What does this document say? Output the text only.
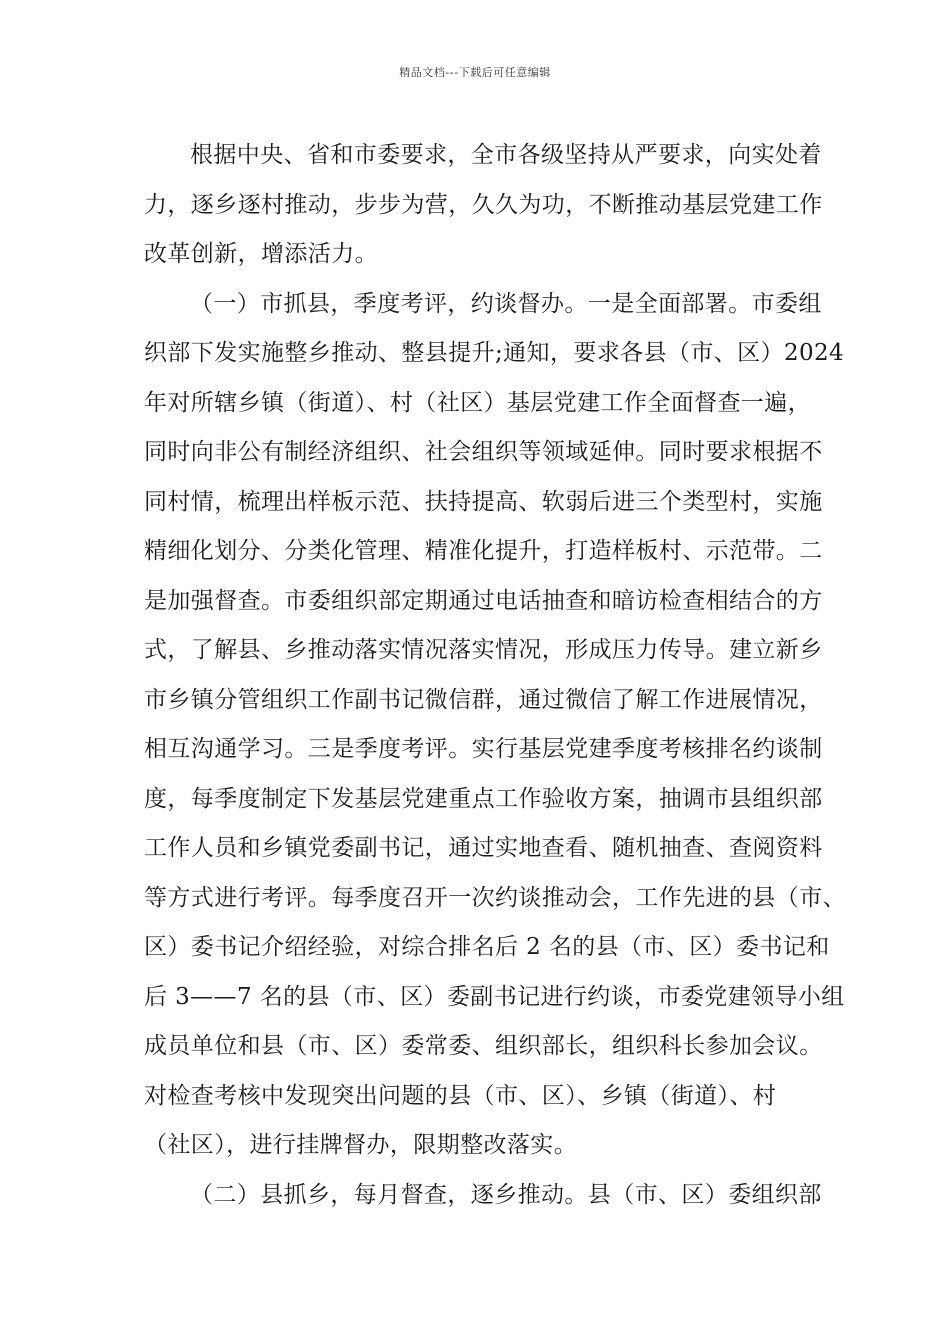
精品文档---下载后可任意编辑
根据中央、省和市委要求，全市各级坚持从严要求，向实处着
力，逐乡逐村推动，步步为营，久久为功，不断推动基层党建工作
改革创新，增添活力。
（一）市抓县，季度考评，约谈督办。一是全面部署。市委组
织部下发实施整乡推动、整县提升;通知，要求各县（市、区）2024
年对所辖乡镇（街道）、村（社区）基层党建工作全面督查一遍，
同时向非公有制经济组织、社会组织等领域延伸。同时要求根据不
同村情，梳理出样板示范、扶持提高、软弱后进三个类型村，实施
精细化划分、分类化管理、精准化提升，打造样板村、示范带。二
是加强督查。市委组织部定期通过电话抽查和暗访检查相结合的方
式，了解县、乡推动落实情况落实情况，形成压力传导。建立新乡
市乡镇分管组织工作副书记微信群，通过微信了解工作进展情况，
相互沟通学习。三是季度考评。实行基层党建季度考核排名约谈制
度，每季度制定下发基层党建重点工作验收方案，抽调市县组织部
工作人员和乡镇党委副书记，通过实地查看、随机抽查、查阅资料
等方式进行考评。每季度召开一次约谈推动会，工作先进的县（市、
区）委书记介绍经验，对综合排名后 2 名的县（市、区）委书记和
后 3——7 名的县（市、区）委副书记进行约谈，市委党建领导小组
成员单位和县（市、区）委常委、组织部长，组织科长参加会议。
对检查考核中发现突出问题的县（市、区）、乡镇（街道）、村
（社区），进行挂牌督办，限期整改落实。
（二）县抓乡，每月督查，逐乡推动。县（市、区）委组织部
